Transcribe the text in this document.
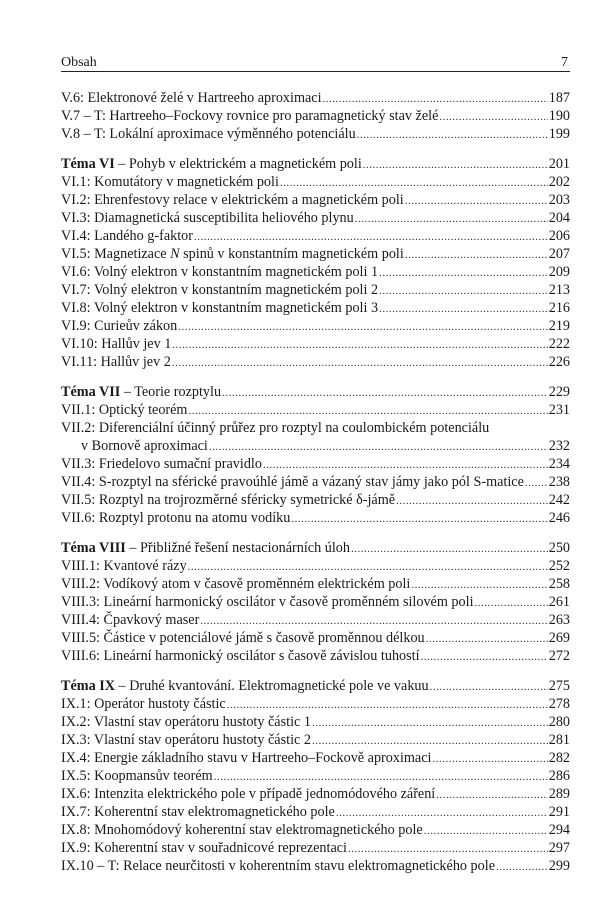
Obsah	7
V.6: Elektronové želé v Hartreeho aproximaci .....	187
V.7 – T: Hartreeho–Fockovy rovnice pro paramagnetický stav želé .....	190
V.8 – T: Lokální aproximace výměnného potenciálu .....	199
Téma VI – Pohyb v elektrickém a magnetickém poli .....	201
VI.1: Komutátory v magnetickém poli .....	202
VI.2: Ehrenfestovy relace v elektrickém a magnetickém poli .....	203
VI.3: Diamagnetická susceptibilita heliového plynu .....	204
VI.4: Landého g-faktor .....	206
VI.5: Magnetizace N spinů v konstantním magnetickém poli .....	207
VI.6: Volný elektron v konstantním magnetickém poli 1 .....	209
VI.7: Volný elektron v konstantním magnetickém poli 2 .....	213
VI.8: Volný elektron v konstantním magnetickém poli 3 .....	216
VI.9: Curieův zákon .....	219
VI.10: Hallův jev 1 .....	222
VI.11: Hallův jev 2 .....	226
Téma VII – Teorie rozptylu .....	229
VII.1: Optický teorém .....	231
VII.2: Diferenciální účinný průřez pro rozptyl na coulombickém potenciálu
v Bornově aproximaci .....	232
VII.3: Friedelovo sumační pravidlo .....	234
VII.4: S-rozptyl na sférické pravoúhlé jámě a vázaný stav jámy jako pól S-matice ..... 238
VII.5: Rozptyl na trojrozměrné sféricky symetrické δ-jámě .....	242
VII.6: Rozptyl protonu na atomu vodíku .....	246
Téma VIII – Přibližné řešení nestacionárních úloh .....	250
VIII.1: Kvantové rázy .....	252
VIII.2: Vodíkový atom v časově proměnném elektrickém poli .....	258
VIII.3: Lineární harmonický oscilátor v časově proměnném silovém poli .....	261
VIII.4: Čpavkový maser .....	263
VIII.5: Částice v potenciálové jámě s časově proměnnou délkou .....	269
VIII.6: Lineární harmonický oscilátor s časově závislou tuhostí .....	272
Téma IX – Druhé kvantování. Elektromagnetické pole ve vakuu .....	275
IX.1: Operátor hustoty částic .....	278
IX.2: Vlastní stav operátoru hustoty částic 1 .....	280
IX.3: Vlastní stav operátoru hustoty částic 2 .....	281
IX.4: Energie základního stavu v Hartreeho–Fockově aproximaci .....	282
IX.5: Koopmansův teorém .....	286
IX.6: Intenzita elektrického pole v případě jednomódového záření .....	289
IX.7: Koherentní stav elektromagnetického pole .....	291
IX.8: Mnohomódový koherentní stav elektromagnetického pole .....	294
IX.9: Koherentní stav v souřadnicové reprezentaci .....	297
IX.10 – T: Relace neurčitosti v koherentním stavu elektromagnetického pole .....	299
